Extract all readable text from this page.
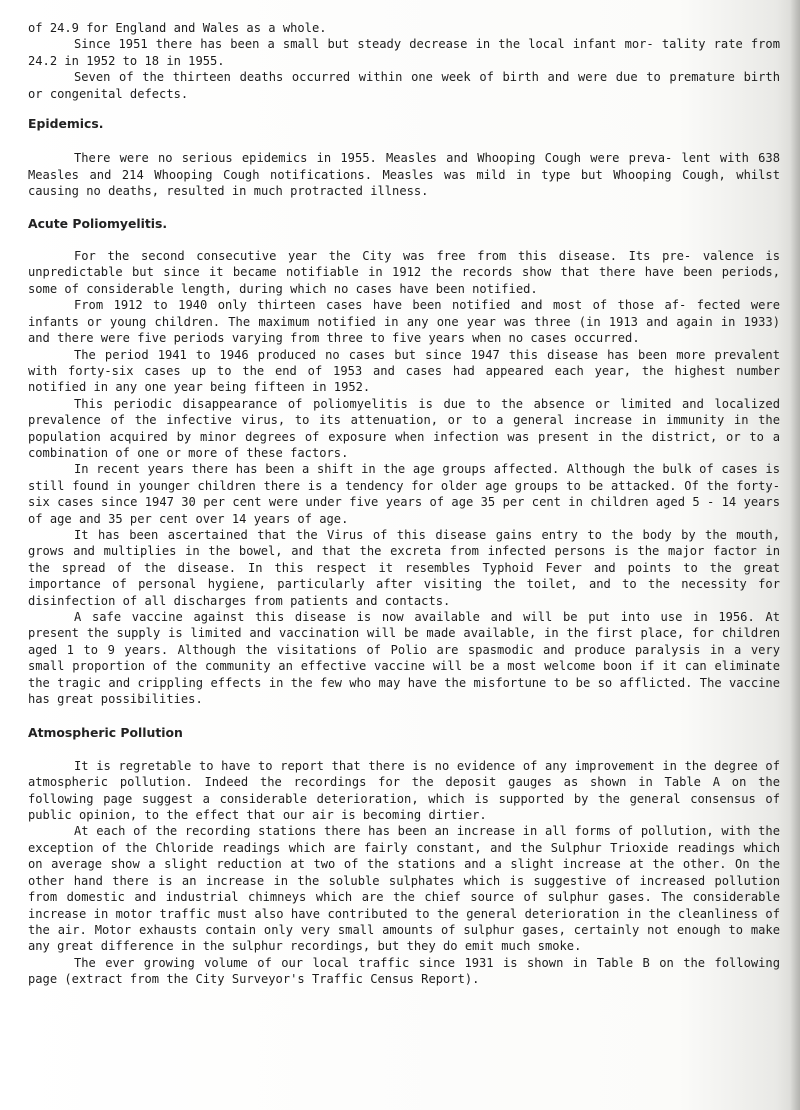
of 24.9 for England and Wales as a whole.

Since 1951 there has been a small but steady decrease in the local infant mor- tality rate from 24.2 in 1952 to 18 in 1955.

Seven of the thirteen deaths occurred within one week of birth and were due to premature birth or congenital defects.

Epidemics.

There were no serious epidemics in 1955. Measles and Whooping Cough were preva- lent with 638 Measles and 214 Whooping Cough notifications. Measles was mild in type but Whooping Cough, whilst causing no deaths, resulted in much protracted illness.

Acute Poliomyelitis.

For the second consecutive year the City was free from this disease. Its pre- valence is unpredictable but since it became notifiable in 1912 the records show that there have been periods, some of considerable length, during which no cases have been notified.

From 1912 to 1940 only thirteen cases have been notified and most of those af- fected were infants or young children. The maximum notified in any one year was three (in 1913 and again in 1933) and there were five periods varying from three to five years when no cases occurred.

The period 1941 to 1946 produced no cases but since 1947 this disease has been more prevalent with forty-six cases up to the end of 1953 and cases had appeared each year, the highest number notified in any one year being fifteen in 1952.

This periodic disappearance of poliomyelitis is due to the absence or limited and localized prevalence of the infective virus, to its attenuation, or to a general increase in immunity in the population acquired by minor degrees of exposure when infection was present in the district, or to a combination of one or more of these factors.

In recent years there has been a shift in the age groups affected. Although the bulk of cases is still found in younger children there is a tendency for older age groups to be attacked. Of the forty-six cases since 1947 30 per cent were under five years of age 35 per cent in children aged 5 - 14 years of age and 35 per cent over 14 years of age.

It has been ascertained that the Virus of this disease gains entry to the body by the mouth, grows and multiplies in the bowel, and that the excreta from infected persons is the major factor in the spread of the disease. In this respect it resembles Typhoid Fever and points to the great importance of personal hygiene, particularly after visiting the toilet, and to the necessity for disinfection of all discharges from patients and contacts.

A safe vaccine against this disease is now available and will be put into use in 1956. At present the supply is limited and vaccination will be made available, in the first place, for children aged 1 to 9 years. Although the visitations of Polio are spasmodic and produce paralysis in a very small proportion of the community an effective vaccine will be a most welcome boon if it can eliminate the tragic and crippling effects in the few who may have the misfortune to be so afflicted. The vaccine has great possibilities.

Atmospheric Pollution

It is regretable to have to report that there is no evidence of any improvement in the degree of atmospheric pollution. Indeed the recordings for the deposit gauges as shown in Table A on the following page suggest a considerable deterioration, which is supported by the general consensus of public opinion, to the effect that our air is becoming dirtier.

At each of the recording stations there has been an increase in all forms of pollution, with the exception of the Chloride readings which are fairly constant, and the Sulphur Trioxide readings which on average show a slight reduction at two of the stations and a slight increase at the other. On the other hand there is an increase in the soluble sulphates which is suggestive of increased pollution from domestic and industrial chimneys which are the chief source of sulphur gases. The considerable increase in motor traffic must also have contributed to the general deterioration in the cleanliness of the air. Motor exhausts contain only very small amounts of sulphur gases, certainly not enough to make any great difference in the sulphur recordings, but they do emit much smoke.

The ever growing volume of our local traffic since 1931 is shown in Table B on the following page (extract from the City Surveyor's Traffic Census Report).
